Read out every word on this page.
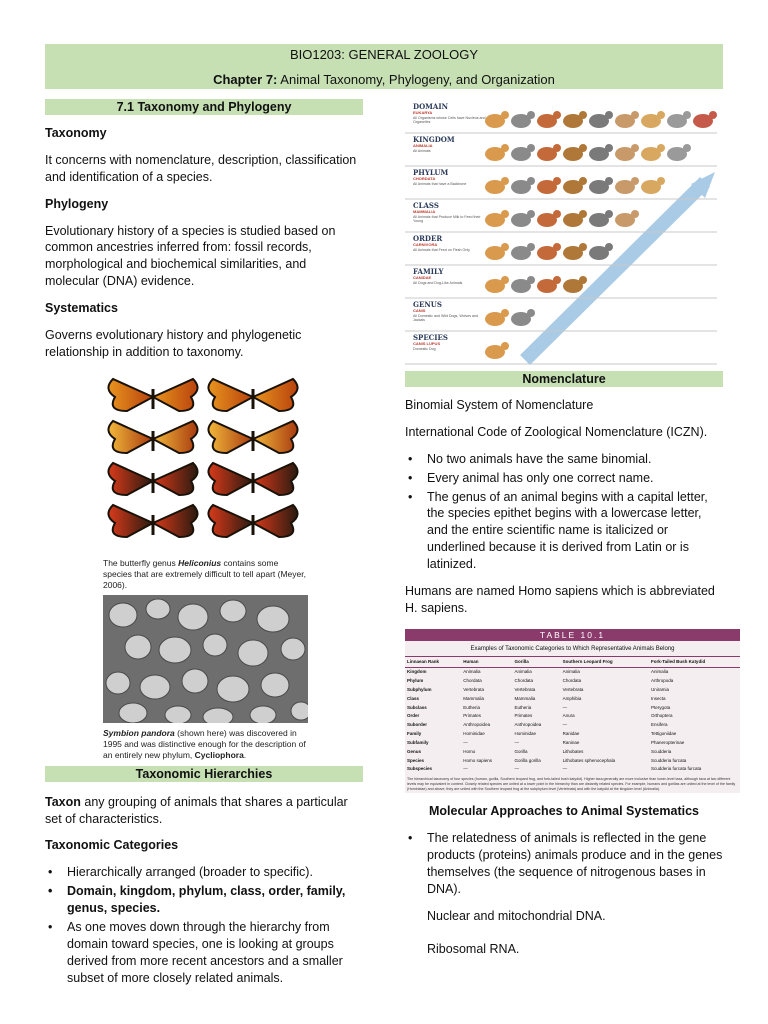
BIO1203: GENERAL ZOOLOGY
Chapter 7: Animal Taxonomy, Phylogeny, and Organization
7.1 Taxonomy and Phylogeny
Taxonomy

It concerns with nomenclature, description, classification and identification of a species.

Phylogeny

Evolutionary history of a species is studied based on common ancestries inferred from: fossil records, morphological and biochemical similarities, and molecular (DNA) evidence.

Systematics

Governs evolutionary history and phylogenetic relationship in addition to taxonomy.

The butterfly genus Heliconius contains some species that are extremely difficult to tell apart (Meyer, 2006).
Symbion pandora (shown here) was discovered in 1995 and was distinctive enough for the description of an entirely new phylum, Cycliophora.
Taxonomic Hierarchies

Taxon any grouping of animals that shares a particular set of characteristics.

Taxonomic Categories
• Hierarchically arranged (broader to specific).
• Domain, kingdom, phylum, class, order, family, genus, species.
• As one moves down through the hierarchy from domain toward species, one is looking at groups derived from more recent ancestors and a smaller subset of more closely related animals.
DOMAIN
EUKARYA
All Organisms whose Cells have Nucleus and Organelles
KINGDOM
ANIMALIA
All Animals
PHYLUM
CHORDATA
All Animals that have a Backbone
CLASS
MAMMALIA
All Animals that Produce Milk to Feed their Young
ORDER
CARNIVORA
All Animals that Feed on Flesh Only
FAMILY
CANIDAE
All Dogs and Dog-Like Animals
GENUS
CANIS
All Domestic and Wild Dogs, Wolves and Jackals
SPECIES
CANIS LUPUS
Domestic Dog
Nomenclature

Binomial System of Nomenclature

International Code of Zoological Nomenclature (ICZN).

• No two animals have the same binomial.
• Every animal has only one correct name.
• The genus of an animal begins with a capital letter, the species epithet begins with a lowercase letter, and the entire scientific name is italicized or underlined because it is derived from Latin or is latinized.

Humans are named Homo sapiens which is abbreviated H. sapiens.

TABLE 10.1
Examples of Taxonomic Categories to Which Representative Animals Belong
Linnaean Rank	Human	Gorilla	Southern Leopard Frog	Fork-Tailed Bush Katydid
Kingdom	Animalia	Animalia	Animalia	Animalia
Phylum	Chordata	Chordata	Chordata	Arthropoda
Subphylum	Vertebrata	Vertebrata	Vertebrata	Uniramia
Class	Mammalia	Mammalia	Amphibia	Insecta
Subclass	Eutheria	Eutheria	—	Pterygota
Order	Primates	Primates	Anura	Orthoptera
Suborder	Anthropoidea	Anthropoidea	—	Ensifera
Family	Hominidae	Hominidae	Ranidae	Tettigoniidae
Subfamily	—	—	Raninae	Phaneropterinae
Genus	Homo	Gorilla	Lithobates	Scudderia
Species	Homo sapiens	Gorilla gorilla	Lithobates sphenocephala	Scudderia furcata
Subspecies	—	—	—	Scudderia furcata furcata
The hierarchical taxonomy of four species (human, gorilla, Southern leopard frog, and fork-tailed bush katydid). Higher taxa generally are more inclusive than lower-level taxa, although taxa at two different levels may be equivalent in content. Closely related species are united at a lower point in the hierarchy than are distantly related species. For example, humans and gorillas are united at the level of the family (Hominidae) and above; they are united with the Southern leopard frog at the subphylum level (Vertebrata) and with the katydid at the kingdom level (Animalia).
Molecular Approaches to Animal Systematics
• The relatedness of animals is reflected in the gene products (proteins) animals produce and in the genes themselves (the sequence of nitrogenous bases in DNA).

Nuclear and mitochondrial DNA.

Ribosomal RNA.
